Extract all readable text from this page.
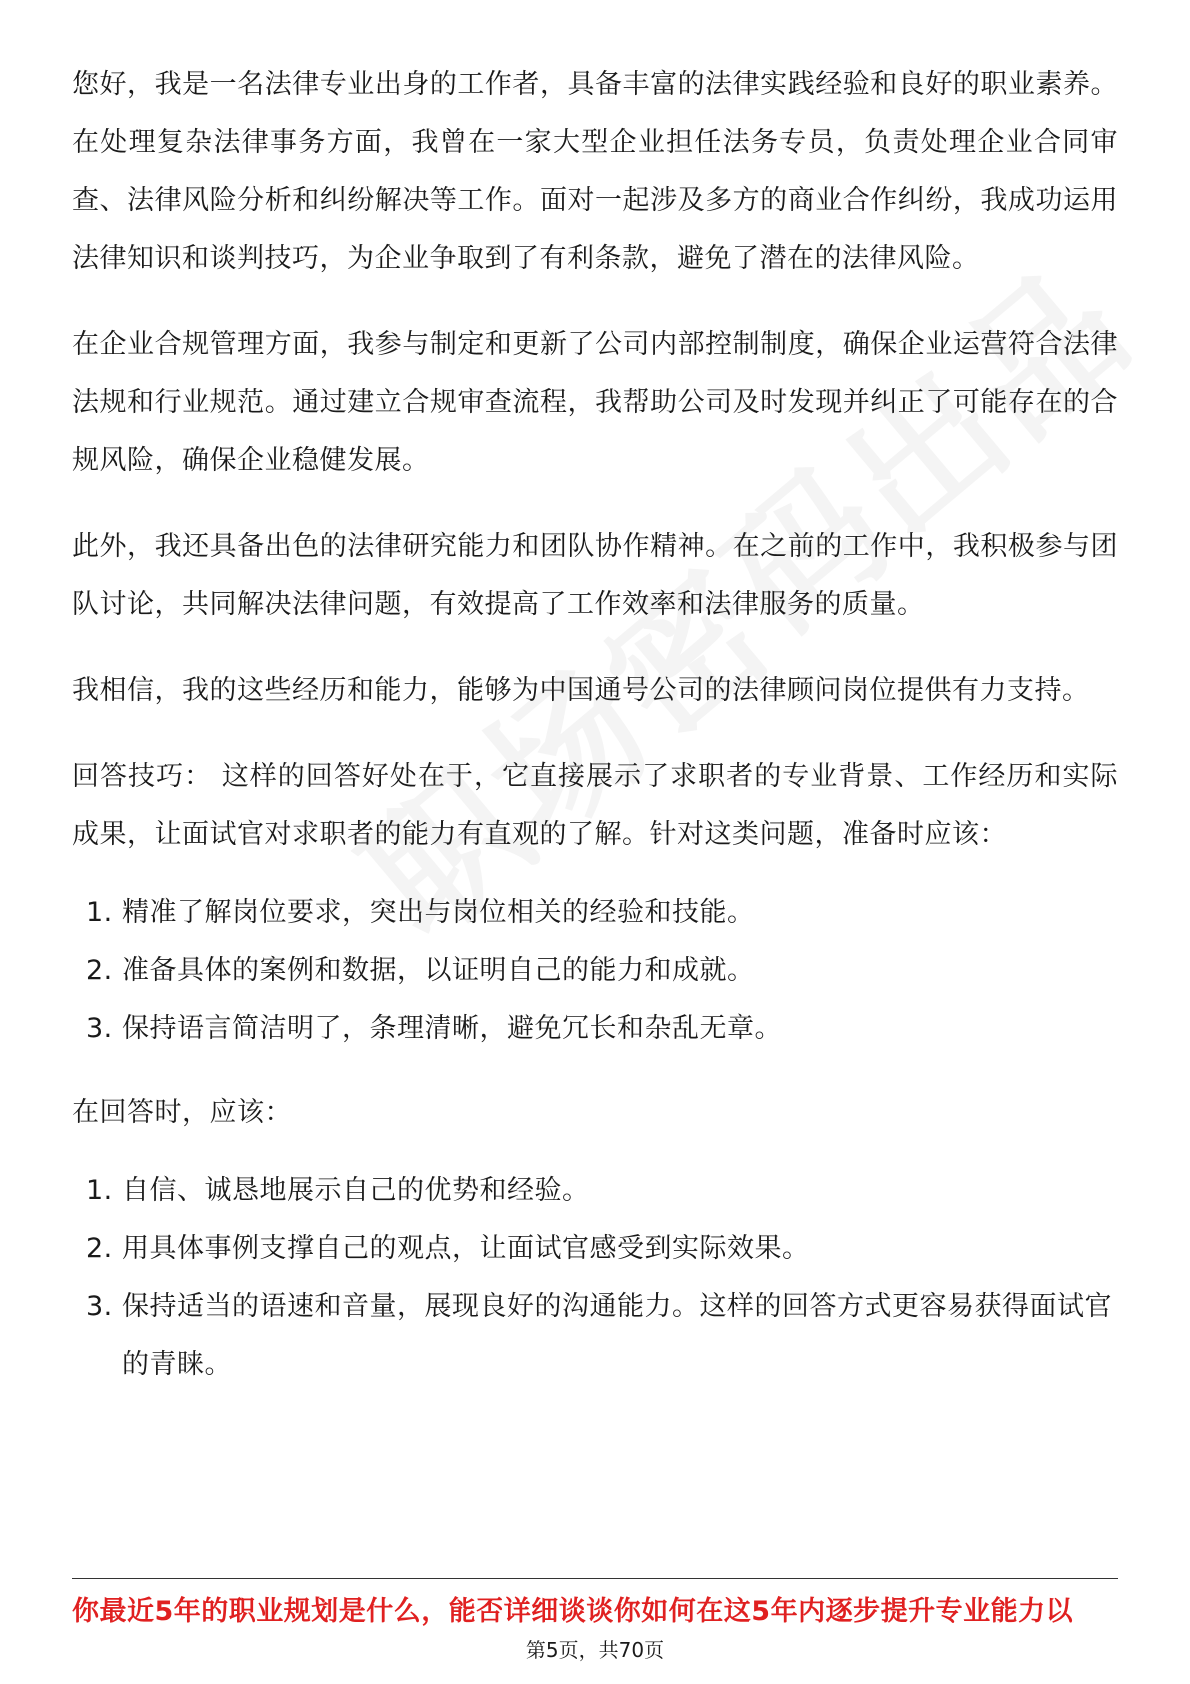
您好，我是一名法律专业出身的工作者，具备丰富的法律实践经验和良好的职业素养。在处理复杂法律事务方面，我曾在一家大型企业担任法务专员，负责处理企业合同审查、法律风险分析和纠纷解决等工作。面对一起涉及多方的商业合作纠纷，我成功运用法律知识和谈判技巧，为企业争取到了有利条款，避免了潜在的法律风险。

在企业合规管理方面，我参与制定和更新了公司内部控制制度，确保企业运营符合法律法规和行业规范。通过建立合规审查流程，我帮助公司及时发现并纠正了可能存在的合规风险，确保企业稳健发展。

此外，我还具备出色的法律研究能力和团队协作精神。在之前的工作中，我积极参与团队讨论，共同解决法律问题，有效提高了工作效率和法律服务的质量。

我相信，我的这些经历和能力，能够为中国通号公司的法律顾问岗位提供有力支持。

回答技巧： 这样的回答好处在于，它直接展示了求职者的专业背景、工作经历和实际成果，让面试官对求职者的能力有直观的了解。针对这类问题，准备时应该：

1. 精准了解岗位要求，突出与岗位相关的经验和技能。
2. 准备具体的案例和数据，以证明自己的能力和成就。
3. 保持语言简洁明了，条理清晰，避免冗长和杂乱无章。

在回答时，应该：

1. 自信、诚恳地展示自己的优势和经验。
2. 用具体事例支撑自己的观点，让面试官感受到实际效果。
3. 保持适当的语速和音量，展现良好的沟通能力。这样的回答方式更容易获得面试官的青睐。
你最近5年的职业规划是什么，能否详细谈谈你如何在这5年内逐步提升专业能力以
第5页，共70页
